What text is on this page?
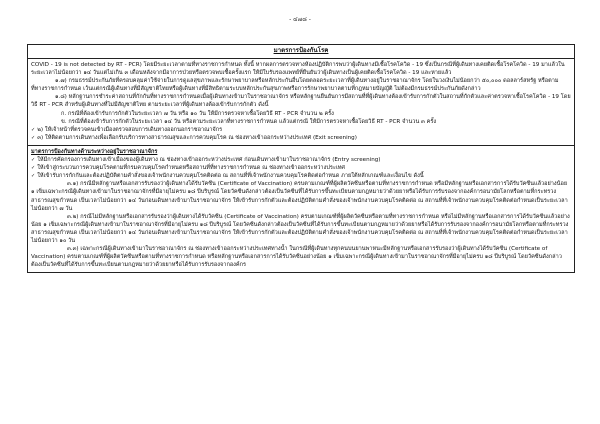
- ๔๗๘ -
มาตรการป้องกันโรค

COVID - 19 is not detected by RT - PCR) โดยมีระยะเวลาตามที่ทางราชการกำหนด ทั้งนี้ หากผลการตรวจทางห้องปฏิบัติการพบว่าผู้เดินทางมีเชื้อโรคโควิด - 19 ซึ่งเป็นกรณีที่ผู้เดินทางเคยติดเชื้อโรคโควิด - 19 มาแล้วในระยะเวลาไม่น้อยกว่า ๑๔ วันแต่ไม่เกิน ๓ เดือนหลังจากมีอาการป่วยหรือตรวจพบเชื้อครั้งแรก ให้มีใบรับรองแพทย์ที่ยืนยันว่าผู้เดินทางเป็นผู้เคยติดเชื้อโรคโควิด - 19 และหายแล้ว

๑.๗) กรมธรรม์ประกันภัยที่ครอบคลุมค่าใช้จ่ายในการดูแลสุขภาพและรักษาพยาบาลหรือหลักประกันอื่นโดยตลอดระยะเวลาที่ผู้เดินทางอยู่ในราชอาณาจักร โดยในวงเงินไม่น้อยกว่า ๕๐,๐๐๐ ดอลลาร์สหรัฐ หรือตามที่ทางราชการกำหนด เว้นแต่กรณีผู้เดินทางที่มีสัญชาติไทยหรือผู้เดินทางที่มีสิทธิตามระบบหลักประกันสุขภาพหรือการรักษาพยาบาลตามที่กฎหมายบัญญัติ ไม่ต้องมีกรมธรรม์ประกันภัยดังกล่าว

๑.๘) หลักฐานการชำระค่าสถานที่กักกันที่ทางราชการกำหนดเมื่อผู้เดินทางเข้ามาในราชอาณาจักร หรือหลักฐานยืนยันการมีสถานที่ที่ผู้เดินทางต้องเข้ารับการกักตัวในสถานที่กักตัวและค่าตรวจหาเชื้อโรคโควิด - 19 โดยวิธี RT - PCR สำหรับผู้เดินทางที่ไม่มีสัญชาติไทย ตามระยะเวลาที่ผู้เดินทางต้องเข้ารับการกักตัว ดังนี้

ก. กรณีที่ต้องเข้ารับการกักตัวในระยะเวลา ๗ วัน หรือ ๑๐ วัน ให้มีการตรวจหาเชื้อโดยวิธี RT - PCR จำนวน ๒ ครั้ง

ข. กรณีที่ต้องเข้ารับการกักตัวในระยะเวลา ๑๔ วัน หรือตามระยะเวลาที่ทางราชการกำหนด แล้วแต่กรณี ให้มีการตรวจหาเชื้อโดยวิธี RT - PCR จำนวน ๓ ครั้ง

✓ ๒) ให้เจ้าหน้าที่ตรวจคนเข้าเมืองตรวจสอบการเดินทางออกนอกราชอาณาจักร

✓ ๓) ให้ติดตามการเดินทางเพื่อเลือกรับบริการทางสาธารณสุขและการควบคุมโรค ณ ช่องทางเข้าออกระหว่างประเทศ (Exit screening)

มาตรการป้องกันทางด้านระหว่างอยู่ในราชอาณาจักร

✓ ให้มีการคัดกรองการเดินทางเข้าเมืองของผู้เดินทาง ณ ช่องทางเข้าออกระหว่างประเทศ ก่อนเดินทางเข้ามาในราชอาณาจักร (Entry screening)

✓ ให้เข้าสู่กระบวนการควบคุมโรคตามที่กรมควบคุมโรคกำหนดหรือสถานที่ที่ทางราชการกำหนด ณ ช่องทางเข้าออกระหว่างประเทศ

✓ ให้เข้ารับการกักกันและต้องปฏิบัติตามคำสั่งของเจ้าพนักงานควบคุมโรคติดต่อ ณ สถานที่ที่เจ้าพนักงานควบคุมโรคติดต่อกำหนด ภายใต้หลักเกณฑ์และเงื่อนไข ดังนี้

๓.๑) กรณีมีหลักฐานหรือเอกสารรับรองว่าผู้เดินทางได้รับวัคซีน (Certificate of Vaccination) ครบตามเกณฑ์ที่ผู้ผลิตวัคซีนหรือตามที่ทางราชการกำหนด หรือมีหลักฐานหรือเอกสารการได้รับวัคซีนแล้วอย่างน้อย ๑ เข็มเฉพาะกรณีผู้เดินทางเข้ามาในราชอาณาจักรที่มีอายุไม่ครบ ๑๘ ปีบริบูรณ์ โดยวัคซีนดังกล่าวต้องเป็นวัคซีนที่ได้รับการขึ้นทะเบียนตามกฎหมายว่าด้วยยาหรือได้รับการรับรองจากองค์การอนามัยโลกหรือตามที่กระทรวงสาธารณสุขกำหนด เป็นเวลาไม่น้อยกว่า ๑๔ วันก่อนเดินทางเข้ามาในราชอาณาจักร ให้เข้ารับการกักตัวและต้องปฏิบัติตามคำสั่งของเจ้าพนักงานควบคุมโรคติดต่อ ณ สถานที่ที่เจ้าพนักงานควบคุมโรคติดต่อกำหนดเป็นระยะเวลาไม่น้อยกว่า ๗ วัน

๓.๒) กรณีไม่มีหลักฐานหรือเอกสารรับรองว่าผู้เดินทางได้รับวัคซีน (Certificate of Vaccination) ครบตามเกณฑ์ที่ผู้ผลิตวัคซีนหรือตามที่ทางราชการกำหนด หรือไม่มีหลักฐานหรือเอกสารการได้รับวัคซีนแล้วอย่างน้อย ๑ เข็มเฉพาะกรณีผู้เดินทางเข้ามาในราชอาณาจักรที่มีอายุไม่ครบ ๑๘ ปีบริบูรณ์ โดยวัคซีนดังกล่าวต้องเป็นวัคซีนที่ได้รับการขึ้นทะเบียนตามกฎหมายว่าด้วยยาหรือได้รับการรับรองจากองค์การอนามัยโลกหรือตามที่กระทรวงสาธารณสุขกำหนด เป็นเวลาไม่น้อยกว่า ๑๔ วันก่อนเดินทางเข้ามาในราชอาณาจักร ให้เข้ารับการกักตัวและต้องปฏิบัติตามคำสั่งของเจ้าพนักงานควบคุมโรคติดต่อ ณ สถานที่ที่เจ้าพนักงานควบคุมโรคติดต่อกำหนดเป็นระยะเวลาไม่น้อยกว่า ๑๐ วัน

๓.๓) เฉพาะกรณีผู้เดินทางเข้ามาในราชอาณาจักร ณ ช่องทางเข้าออกระหว่างประเทศทางน้ำ ในกรณีที่ผู้เดินทางทุกคนบนยานพาหนะมีหลักฐานหรือเอกสารรับรองว่าผู้เดินทางได้รับวัคซีน (Certificate of Vaccination) ครบตามเกณฑ์ที่ผู้ผลิตวัคซีนหรือตามที่ทางราชการกำหนด หรือหลักฐานหรือเอกสารการได้รับวัคซีนอย่างน้อย ๑ เข็มเฉพาะกรณีผู้เดินทางเข้ามาในราชอาณาจักรที่มีอายุไม่ครบ ๑๘ ปีบริบูรณ์ โดยวัคซีนดังกล่าวต้องเป็นวัคซีนที่ได้รับการขึ้นทะเบียนตามกฎหมายว่าด้วยยาหรือได้รับการรับรองจากองค์กร
